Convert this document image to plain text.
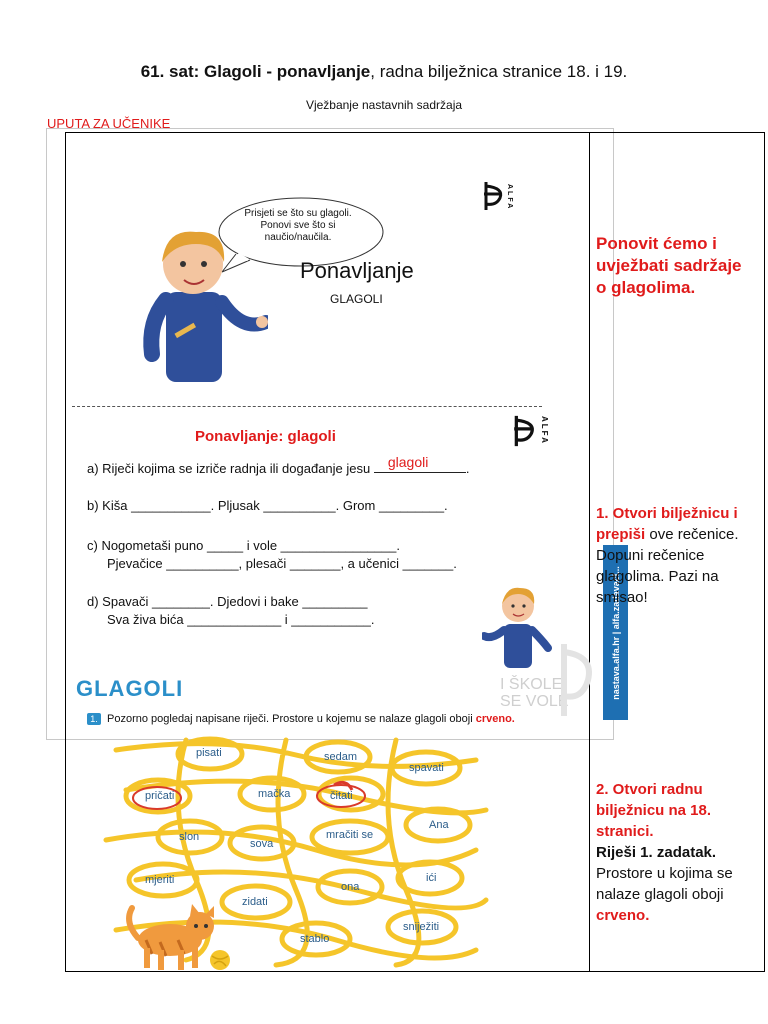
61. sat: Glagoli - ponavljanje, radna bilježnica stranice 18. i 19.
Vježbanje nastavnih sadržaja
UPUTA ZA UČENIKE
Prisjeti se što su glagoli.
Ponovi sve što si
naučio/naučila.
Ponavljanje
GLAGOLI
ALFA
ALFA
Ponavljanje: glagoli
a) Riječi kojima se izriče radnja ili događanje jesu glagoli	.
b) Kiša ___________. Pljusak __________. Grom _________.
c) Nogometaši puno _____ i vole ________________.
Pjevačice __________, plesači _______, a učenici _______.
d) Spavači ________. Djedovi i bake _________
Sva živa bića _____________ i ___________.
I ŠKOLE
SE VOLE
nastava.alfa.hr | alfa.zadavaci...
GLAGOLI
1. Pozorno pogledaj napisane riječi. Prostore u kojemu se nalaze glagoli oboji crveno.
pisati	sedam
spavati
pričati	mačka	čitati
slon
sova
mračiti se
Ana
mjeriti
zidati
ona
ići
sniježiti
stablo
Ponovit ćemo i uvježbati sadržaje o glagolima.
1. Otvori bilježnicu i prepiši ove rečenice. Dopuni rečenice glagolima. Pazi na smisao!
2. Otvori radnu bilježnicu na 18. stranici.
Riješi 1. zadatak.
Prostore u kojima se nalaze glagoli oboji crveno.
